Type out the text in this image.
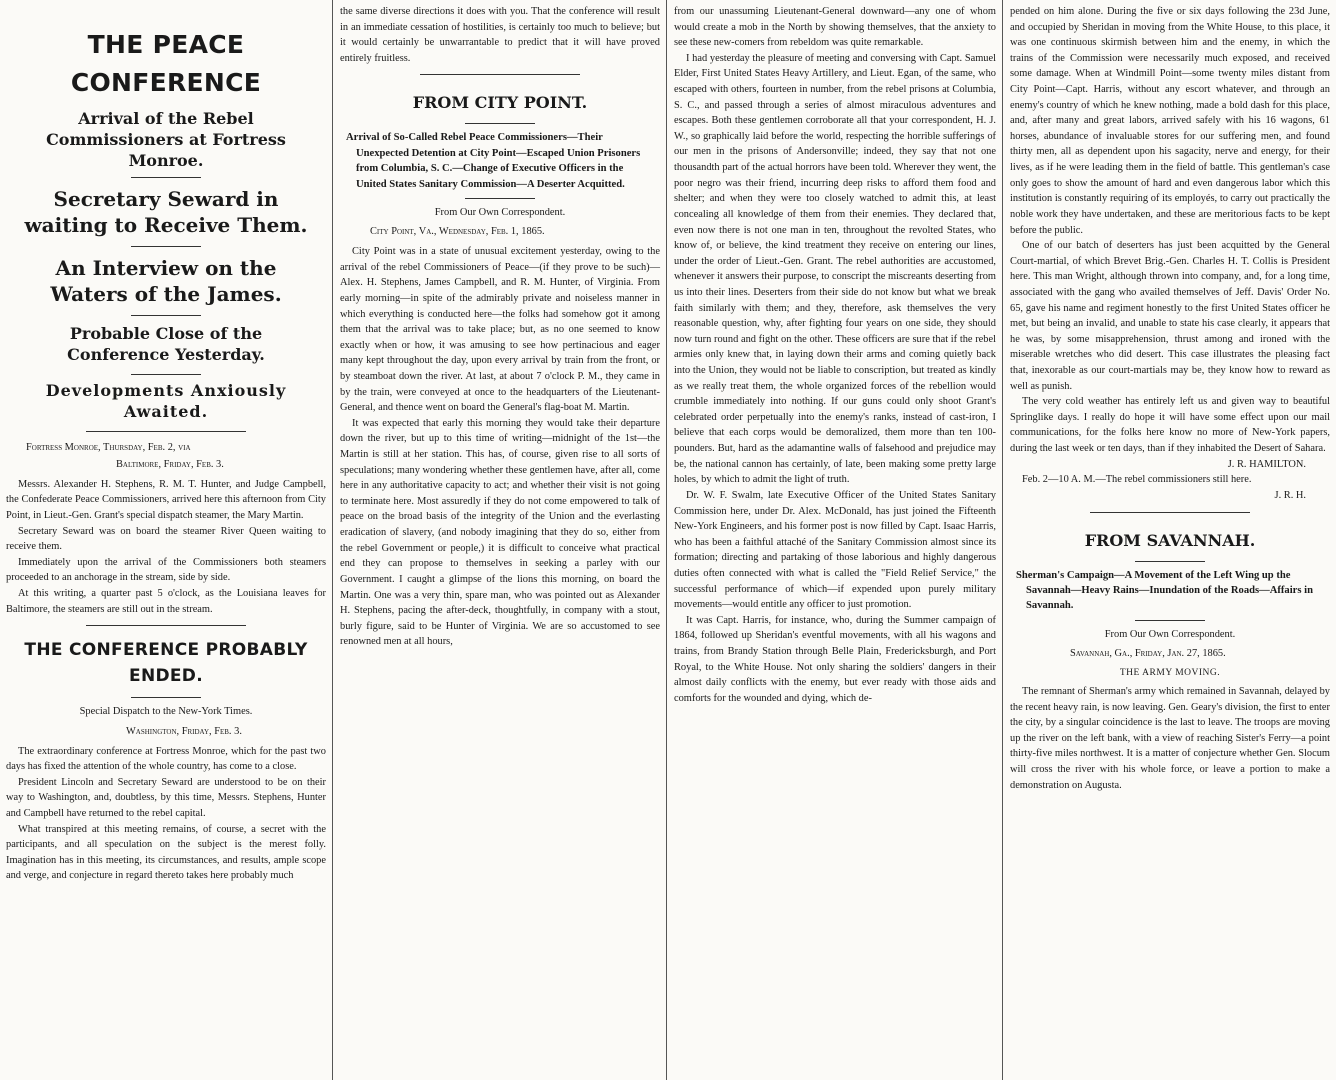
THE PEACE CONFERENCE
Arrival of the Rebel Commissioners at Fortress Monroe.
Secretary Seward in waiting to Receive Them.
An Interview on the Waters of the James.
Probable Close of the Conference Yesterday.
Developments Anxiously Awaited.

Fortress Monroe, Thursday, Feb. 2, via

Baltimore, Friday, Feb. 3.

Messrs. Alexander H. Stephens, R. M. T. Hunter, and Judge Campbell, the Confederate Peace Commissioners, arrived here this afternoon from City Point, in Lieut.-Gen. Grant's special dispatch steamer, the Mary Martin.

Secretary Seward was on board the steamer River Queen waiting to receive them.

Immediately upon the arrival of the Commissioners both steamers proceeded to an anchorage in the stream, side by side.

At this writing, a quarter past 5 o'clock, as the Louisiana leaves for Baltimore, the steamers are still out in the stream.

THE CONFERENCE PROBABLY ENDED.

Special Dispatch to the New-York Times.

Washington, Friday, Feb. 3.

The extraordinary conference at Fortress Monroe, which for the past two days has fixed the attention of the whole country, has come to a close.

President Lincoln and Secretary Seward are understood to be on their way to Washington, and, doubtless, by this time, Messrs. Stephens, Hunter and Campbell have returned to the rebel capital.

What transpired at this meeting remains, of course, a secret with the participants, and all speculation on the subject is the merest folly. Imagination has in this meeting, its circumstances, and results, ample scope and verge, and conjecture in regard thereto takes here probably much

the same diverse directions it does with you. That the conference will result in an immediate cessation of hostilities, is certainly too much to believe; but it would certainly be unwarrantable to predict that it will have proved entirely fruitless.

FROM CITY POINT.
Arrival of So-Called Rebel Peace Commissioners—Their Unexpected Detention at City Point—Escaped Union Prisoners from Columbia, S. C.—Change of Executive Officers in the United States Sanitary Commission—A Deserter Acquitted.

From Our Own Correspondent.

City Point, Va., Wednesday, Feb. 1, 1865.

City Point was in a state of unusual excitement yesterday, owing to the arrival of the rebel Commissioners of Peace—(if they prove to be such)—Alex. H. Stephens, James Campbell, and R. M. Hunter, of Virginia. From early morning—in spite of the admirably private and noiseless manner in which everything is conducted here—the folks had somehow got it among them that the arrival was to take place; but, as no one seemed to know exactly when or how, it was amusing to see how pertinacious and eager many kept throughout the day, upon every arrival by train from the front, or by steamboat down the river. At last, at about 7 o'clock P. M., they came in by the train, were conveyed at once to the headquarters of the Lieutenant-General, and thence went on board the General's flag-boat M. Martin.

It was expected that early this morning they would take their departure down the river, but up to this time of writing—midnight of the 1st—the Martin is still at her station. This has, of course, given rise to all sorts of speculations; many wondering whether these gentlemen have, after all, come here in any authoritative capacity to act; and whether their visit is not going to terminate here. Most assuredly if they do not come empowered to talk of peace on the broad basis of the integrity of the Union and the everlasting eradication of slavery, (and nobody imagining that they do so, either from the rebel Government or people,) it is difficult to conceive what practical end they can propose to themselves in seeking a parley with our Government. I caught a glimpse of the lions this morning, on board the Martin. One was a very thin, spare man, who was pointed out as Alexander H. Stephens, pacing the after-deck, thoughtfully, in company with a stout, burly figure, said to be Hunter of Virginia. We are so accustomed to see renowned men at all hours,

from our unassuming Lieutenant-General downward—any one of whom would create a mob in the North by showing themselves, that the anxiety to see these new-comers from rebeldom was quite remarkable.

I had yesterday the pleasure of meeting and conversing with Capt. Samuel Elder, First United States Heavy Artillery, and Lieut. Egan, of the same, who escaped with others, fourteen in number, from the rebel prisons at Columbia, S. C., and passed through a series of almost miraculous adventures and escapes. Both these gentlemen corroborate all that your correspondent, H. J. W., so graphically laid before the world, respecting the horrible sufferings of our men in the prisons of Andersonville; indeed, they say that not one thousandth part of the actual horrors have been told. Wherever they went, the poor negro was their friend, incurring deep risks to afford them food and shelter; and when they were too closely watched to admit this, at least concealing all knowledge of them from their enemies. They declared that, even now there is not one man in ten, throughout the revolted States, who know of, or believe, the kind treatment they receive on entering our lines, under the order of Lieut.-Gen. Grant. The rebel authorities are accustomed, whenever it answers their purpose, to conscript the miscreants deserting from us into their lines. Deserters from their side do not know but what we break faith similarly with them; and they, therefore, ask themselves the very reasonable question, why, after fighting four years on one side, they should now turn round and fight on the other. These officers are sure that if the rebel armies only knew that, in laying down their arms and coming quietly back into the Union, they would not be liable to conscription, but treated as kindly as we really treat them, the whole organized forces of the rebellion would crumble immediately into nothing. If our guns could only shoot Grant's celebrated order perpetually into the enemy's ranks, instead of cast-iron, I believe that each corps would be demoralized, them more than ten 100-pounders. But, hard as the adamantine walls of falsehood and prejudice may be, the national cannon has certainly, of late, been making some pretty large holes, by which to admit the light of truth.

Dr. W. F. Swalm, late Executive Officer of the United States Sanitary Commission here, under Dr. Alex. McDonald, has just joined the Fifteenth New-York Engineers, and his former post is now filled by Capt. Isaac Harris, who has been a faithful attaché of the Sanitary Commission almost since its formation; directing and partaking of those laborious and highly dangerous duties often connected with what is called the "Field Relief Service," the successful performance of which—if expended upon purely military movements—would entitle any officer to just promotion.

It was Capt. Harris, for instance, who, during the Summer campaign of 1864, followed up Sheridan's eventful movements, with all his wagons and trains, from Brandy Station through Belle Plain, Fredericksburgh, and Port Royal, to the White House. Not only sharing the soldiers' dangers in their almost daily conflicts with the enemy, but ever ready with those aids and comforts for the wounded and dying, which de-

pended on him alone. During the five or six days following the 23d June, and occupied by Sheridan in moving from the White House, to this place, it was one continuous skirmish between him and the enemy, in which the trains of the Commission were necessarily much exposed, and received some damage. When at Windmill Point—some twenty miles distant from City Point—Capt. Harris, without any escort whatever, and through an enemy's country of which he knew nothing, made a bold dash for this place, and, after many and great labors, arrived safely with his 16 wagons, 61 horses, abundance of invaluable stores for our suffering men, and found thirty men, all as dependent upon his sagacity, nerve and energy, for their lives, as if he were leading them in the field of battle. This gentleman's case only goes to show the amount of hard and even dangerous labor which this institution is constantly requiring of its employés, to carry out practically the noble work they have undertaken, and these are meritorious facts to be kept before the public.

One of our batch of deserters has just been acquitted by the General Court-martial, of which Brevet Brig.-Gen. Charles H. T. Collis is President here. This man Wright, although thrown into company, and, for a long time, associated with the gang who availed themselves of Jeff. Davis' Order No. 65, gave his name and regiment honestly to the first United States officer he met, but being an invalid, and unable to state his case clearly, it appears that he was, by some misapprehension, thrust among and ironed with the miserable wretches who did desert. This case illustrates the pleasing fact that, inexorable as our court-martials may be, they know how to reward as well as punish.

The very cold weather has entirely left us and given way to beautiful Springlike days. I really do hope it will have some effect upon our mail communications, for the folks here know no more of New-York papers, during the last week or ten days, than if they inhabited the Desert of Sahara.

J. R. HAMILTON.

Feb. 2—10 A. M.—The rebel commissioners still here.

J. R. H.

FROM SAVANNAH.
Sherman's Campaign—A Movement of the Left Wing up the Savannah—Heavy Rains—Inundation of the Roads—Affairs in Savannah.

From Our Own Correspondent.

Savannah, Ga., Friday, Jan. 27, 1865.

THE ARMY MOVING.

The remnant of Sherman's army which remained in Savannah, delayed by the recent heavy rain, is now leaving. Gen. Geary's division, the first to enter the city, by a singular coincidence is the last to leave. The troops are moving up the river on the left bank, with a view of reaching Sister's Ferry—a point thirty-five miles northwest. It is a matter of conjecture whether Gen. Slocum will cross the river with his whole force, or leave a portion to make a demonstration on Augusta.
